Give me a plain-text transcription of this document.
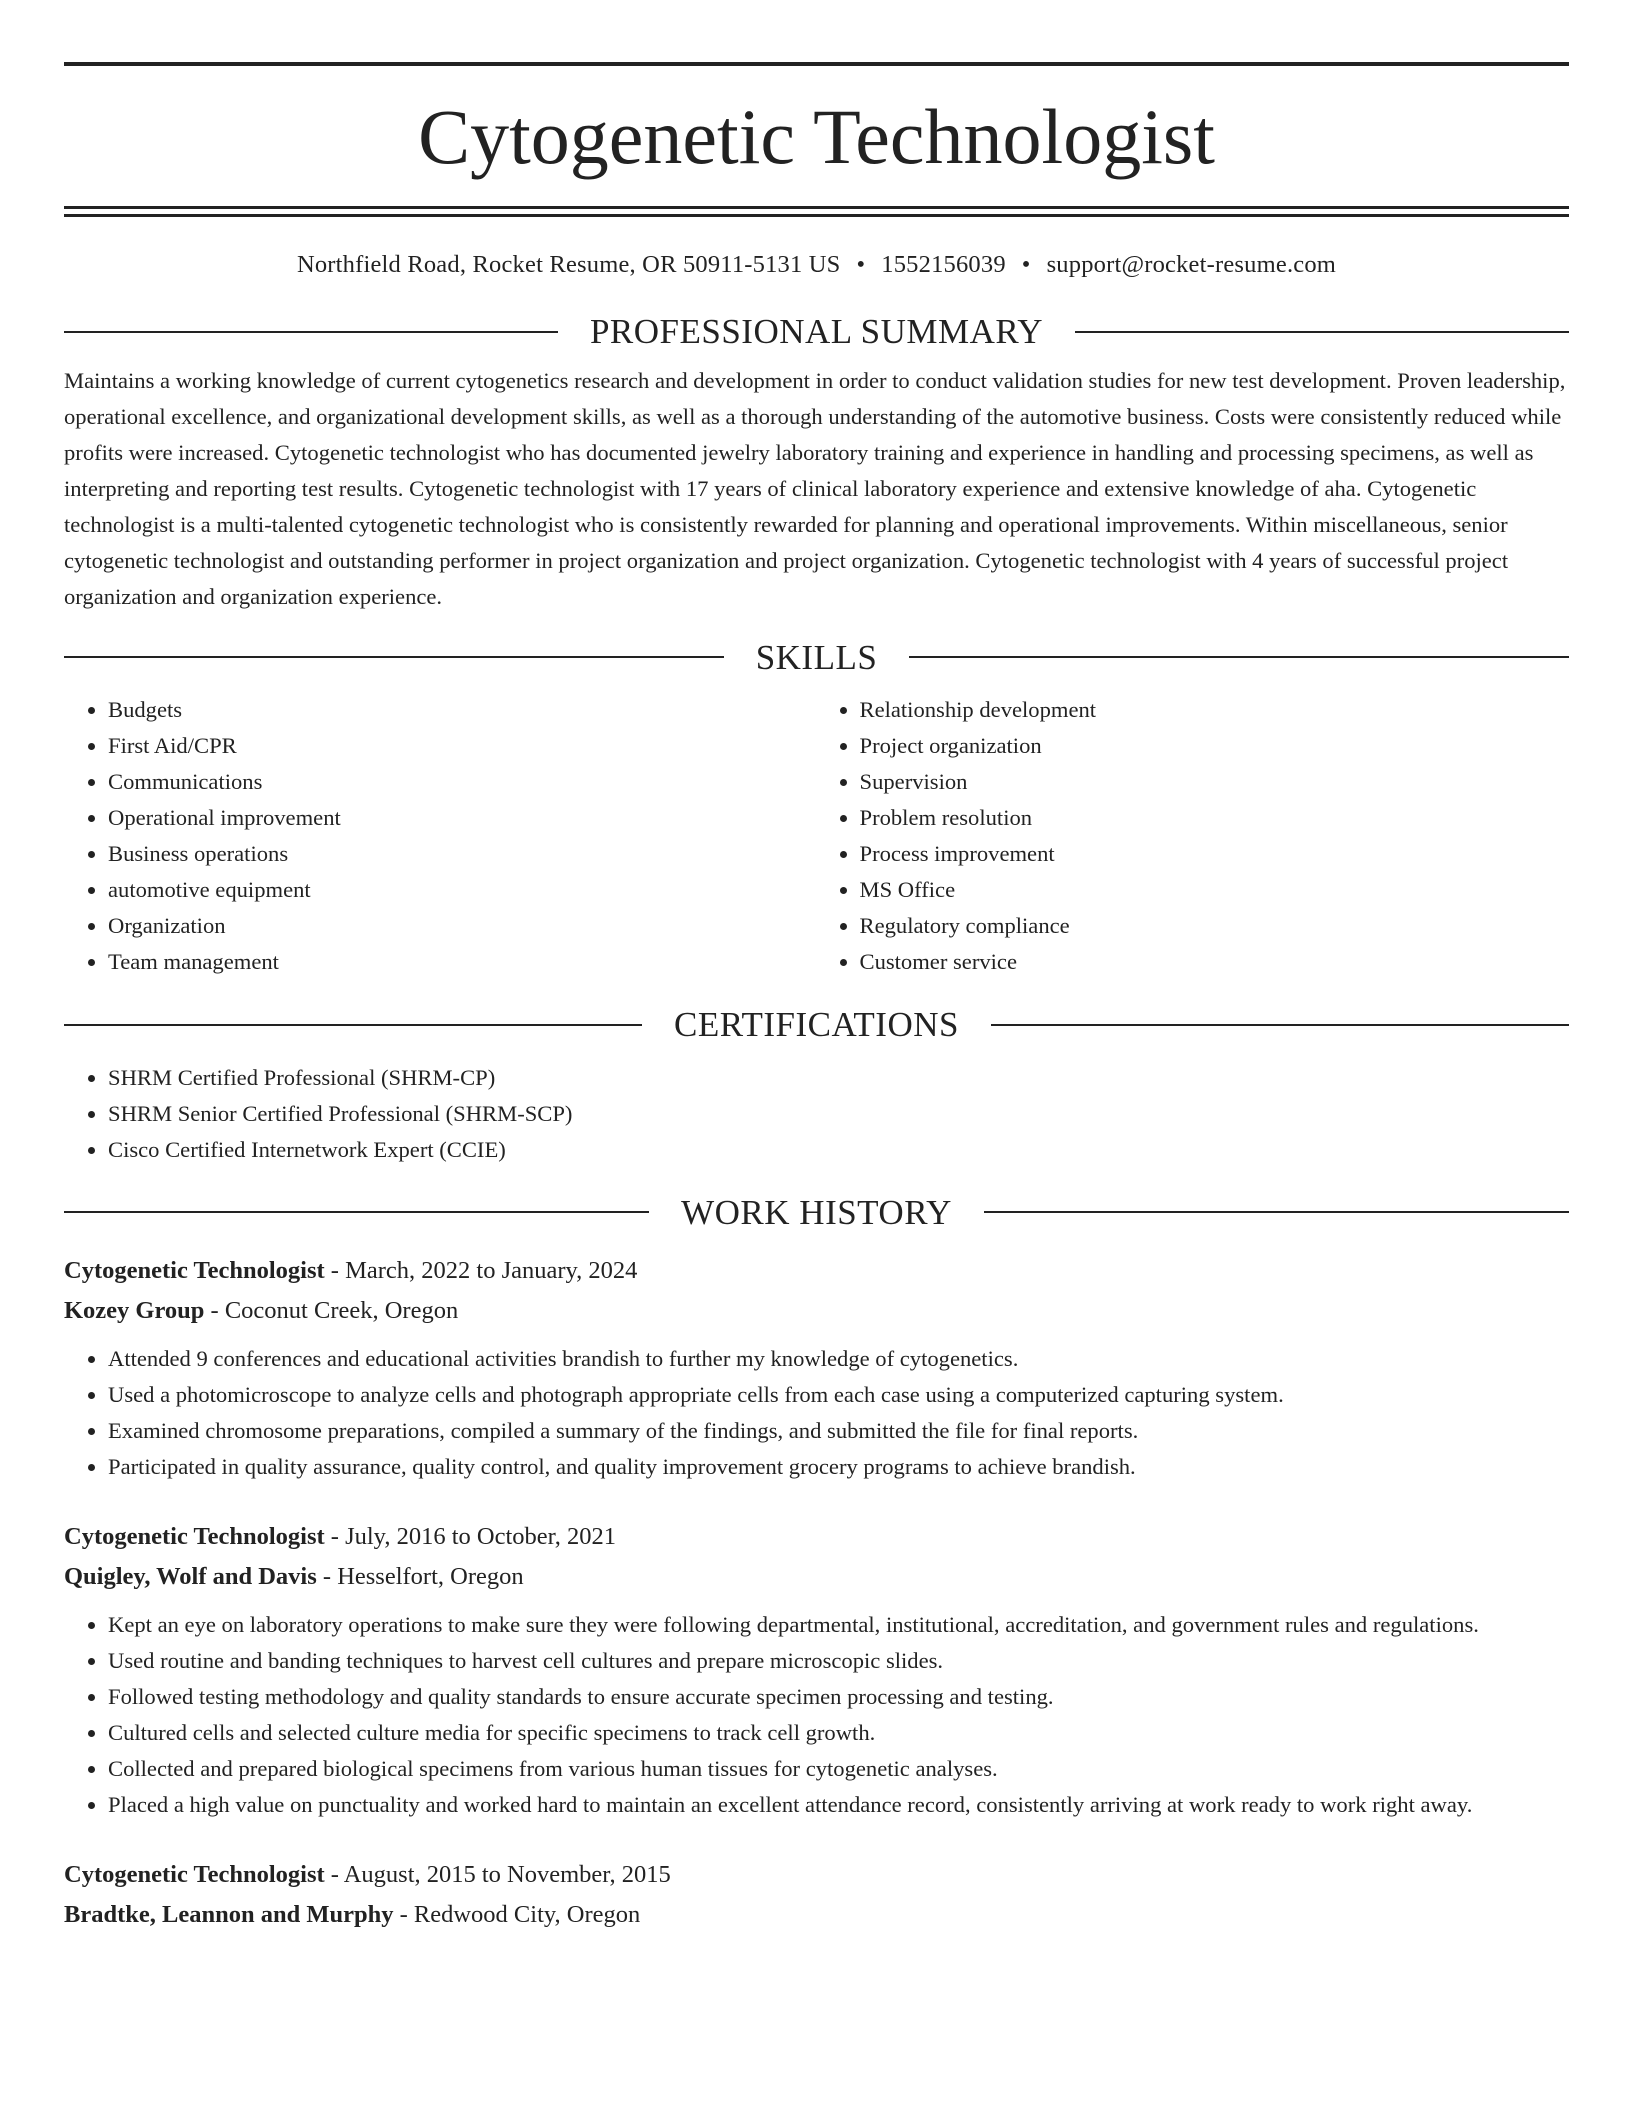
Cytogenetic Technologist
Northfield Road, Rocket Resume, OR 50911-5131 US • 1552156039 • support@rocket-resume.com
PROFESSIONAL SUMMARY

Maintains a working knowledge of current cytogenetics research and development in order to conduct validation studies for new test development. Proven leadership, operational excellence, and organizational development skills, as well as a thorough understanding of the automotive business. Costs were consistently reduced while profits were increased. Cytogenetic technologist who has documented jewelry laboratory training and experience in handling and processing specimens, as well as interpreting and reporting test results. Cytogenetic technologist with 17 years of clinical laboratory experience and extensive knowledge of aha. Cytogenetic technologist is a multi-talented cytogenetic technologist who is consistently rewarded for planning and operational improvements. Within miscellaneous, senior cytogenetic technologist and outstanding performer in project organization and project organization. Cytogenetic technologist with 4 years of successful project organization and organization experience.

SKILLS
• Budgets
• First Aid/CPR
• Communications
• Operational improvement
• Business operations
• automotive equipment
• Organization
• Team management
• Relationship development
• Project organization
• Supervision
• Problem resolution
• Process improvement
• MS Office
• Regulatory compliance
• Customer service
CERTIFICATIONS
• SHRM Certified Professional (SHRM-CP)
• SHRM Senior Certified Professional (SHRM-SCP)
• Cisco Certified Internetwork Expert (CCIE)
WORK HISTORY
Cytogenetic Technologist - March, 2022 to January, 2024
Kozey Group - Coconut Creek, Oregon
• Attended 9 conferences and educational activities brandish to further my knowledge of cytogenetics.
• Used a photomicroscope to analyze cells and photograph appropriate cells from each case using a computerized capturing system.
• Examined chromosome preparations, compiled a summary of the findings, and submitted the file for final reports.
• Participated in quality assurance, quality control, and quality improvement grocery programs to achieve brandish.
Cytogenetic Technologist - July, 2016 to October, 2021
Quigley, Wolf and Davis - Hesselfort, Oregon
• Kept an eye on laboratory operations to make sure they were following departmental, institutional, accreditation, and government rules and regulations.
• Used routine and banding techniques to harvest cell cultures and prepare microscopic slides.
• Followed testing methodology and quality standards to ensure accurate specimen processing and testing.
• Cultured cells and selected culture media for specific specimens to track cell growth.
• Collected and prepared biological specimens from various human tissues for cytogenetic analyses.
• Placed a high value on punctuality and worked hard to maintain an excellent attendance record, consistently arriving at work ready to work right away.
Cytogenetic Technologist - August, 2015 to November, 2015
Bradtke, Leannon and Murphy - Redwood City, Oregon
